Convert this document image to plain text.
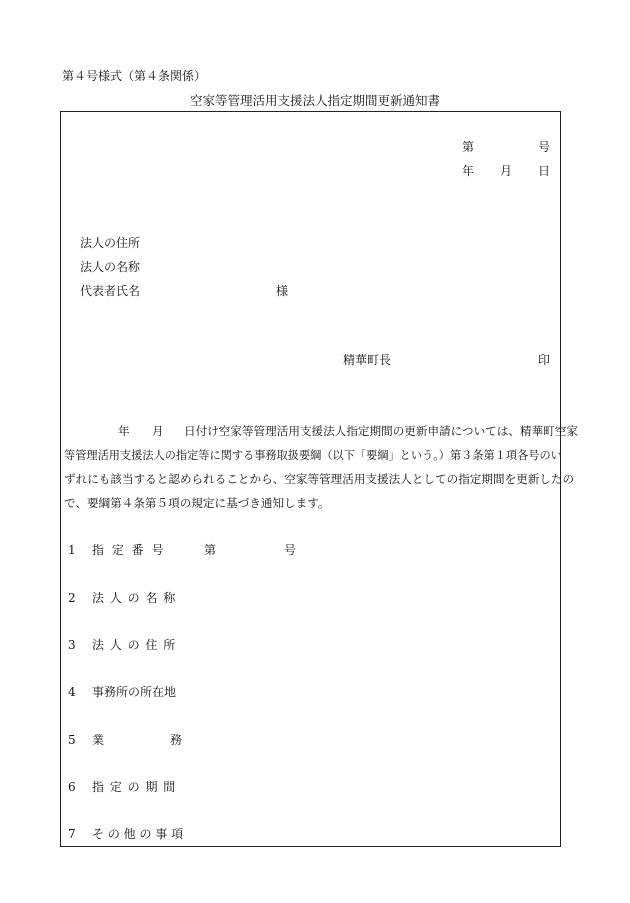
第４号様式（第４条関係）
空家等管理活用支援法人指定期間更新通知書
第	号
年 月 日
法人の住所
法人の名称
代表者氏名	様
精華町長	印
年 月 日付け空家等管理活用支援法人指定期間の更新申請については、精華町空家
等管理活用支援法人の指定等に関する事務取扱要綱（以下「要綱」という。）第３条第１項各号のい
ずれにも該当すると認められることから、空家等管理活用支援法人としての指定期間を更新したの
で、要綱第４条第５項の規定に基づき通知します。
1 指 定 番 号	第	号
2 法 人 の 名 称
3 法 人 の 住 所
4 事務所の所在地
5 業	務
6 指 定 の 期 間
7 そ の 他 の 事 項
